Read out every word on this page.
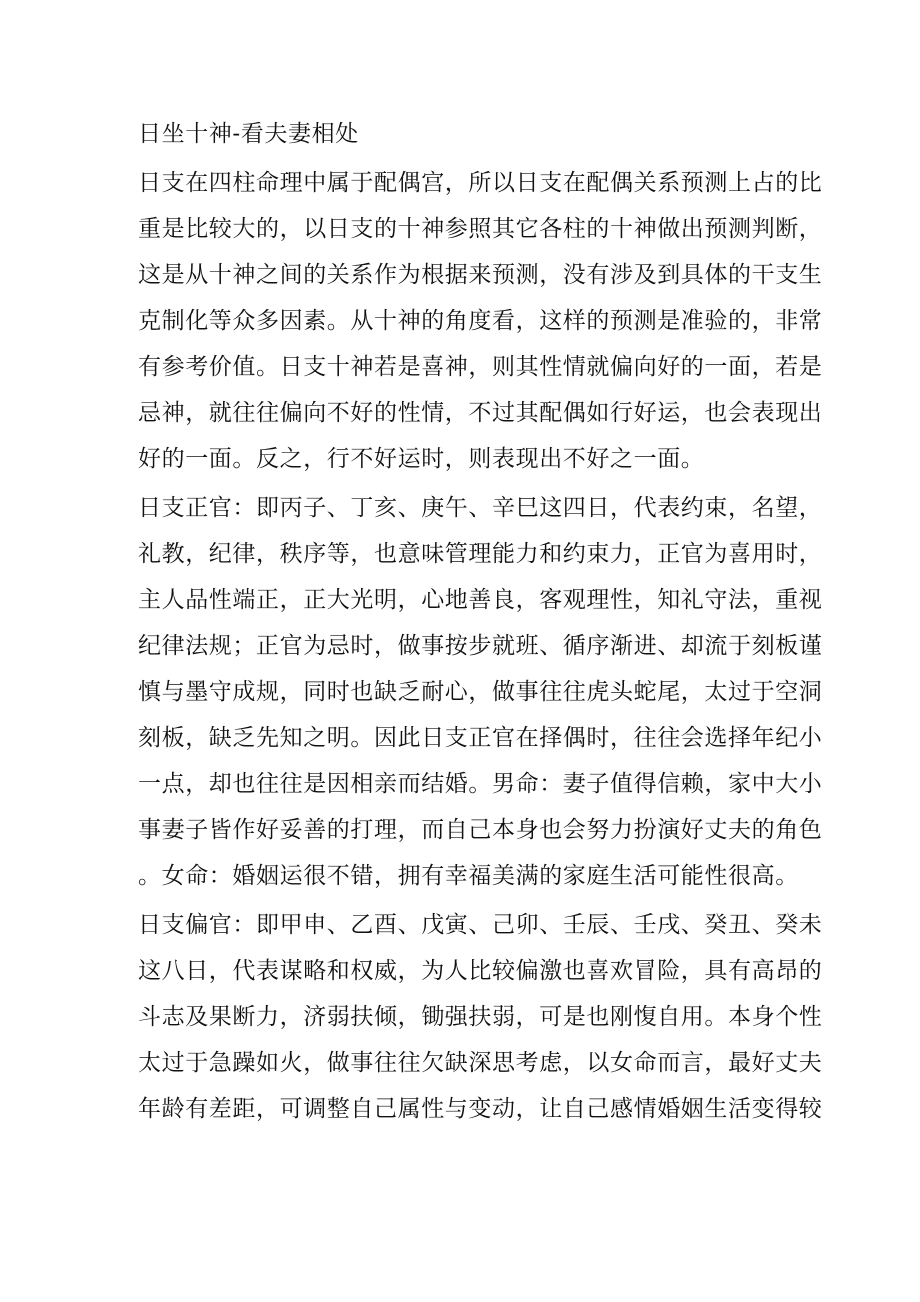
日坐十神-看夫妻相处
日支在四柱命理中属于配偶宫，所以日支在配偶关系预测上占的比
重是比较大的，以日支的十神参照其它各柱的十神做出预测判断，
这是从十神之间的关系作为根据来预测，没有涉及到具体的干支生
克制化等众多因素。从十神的角度看，这样的预测是准验的，非常
有参考价值。日支十神若是喜神，则其性情就偏向好的一面，若是
忌神，就往往偏向不好的性情，不过其配偶如行好运，也会表现出
好的一面。反之，行不好运时，则表现出不好之一面。
日支正官：即丙子、丁亥、庚午、辛巳这四日，代表约束，名望，
礼教，纪律，秩序等，也意味管理能力和约束力，正官为喜用时，
主人品性端正，正大光明，心地善良，客观理性，知礼守法，重视
纪律法规；正官为忌时，做事按步就班、循序渐进、却流于刻板谨
慎与墨守成规，同时也缺乏耐心，做事往往虎头蛇尾，太过于空洞
刻板，缺乏先知之明。因此日支正官在择偶时，往往会选择年纪小
一点，却也往往是因相亲而结婚。男命：妻子值得信赖，家中大小
事妻子皆作好妥善的打理，而自己本身也会努力扮演好丈夫的角色
。女命：婚姻运很不错，拥有幸福美满的家庭生活可能性很高。
日支偏官：即甲申、乙酉、戊寅、己卯、壬辰、壬戌、癸丑、癸未
这八日，代表谋略和权威，为人比较偏激也喜欢冒险，具有高昂的
斗志及果断力，济弱扶倾，锄强扶弱，可是也刚愎自用。本身个性
太过于急躁如火，做事往往欠缺深思考虑，以女命而言，最好丈夫
年龄有差距，可调整自己属性与变动，让自己感情婚姻生活变得较
